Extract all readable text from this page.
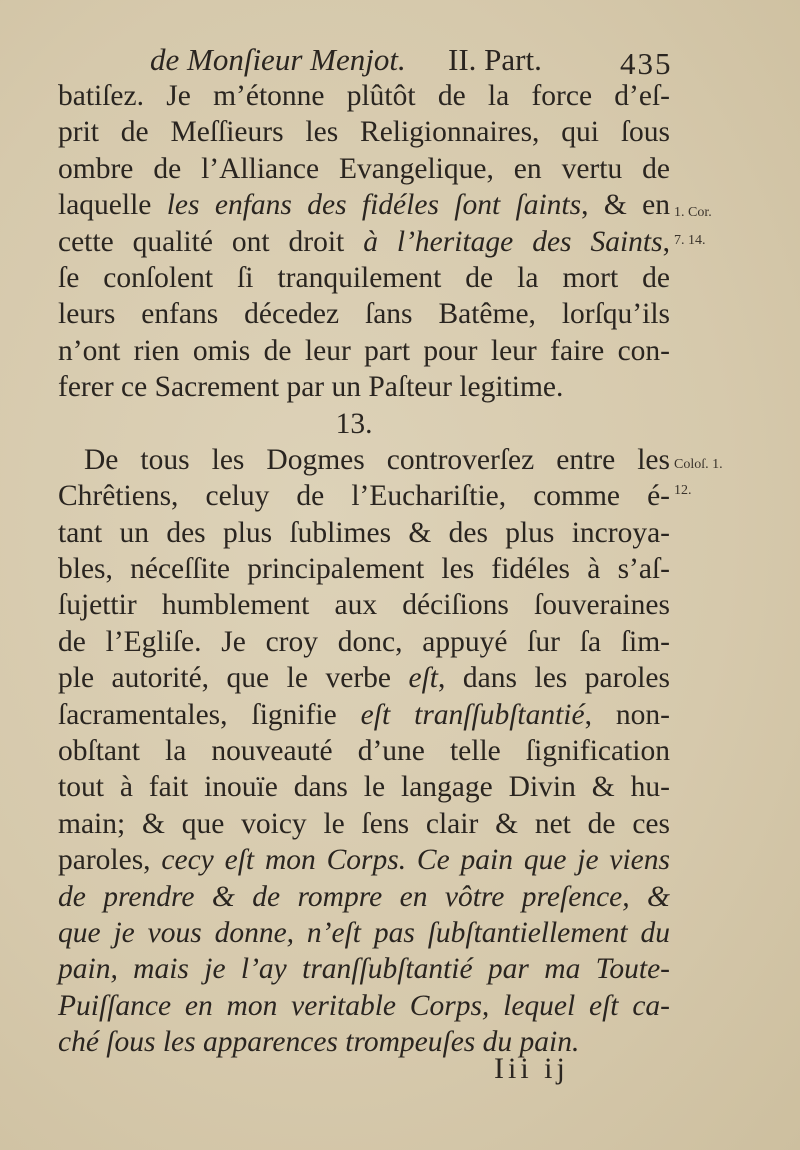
de Monſieur Menjot. II. Part.	435
batiſez. Je m’étonne plûtôt de la force d’eſ-
prit de Meſſieurs les Religionnaires, qui ſous
ombre de l’Alliance Evangelique, en vertu de
laquelle les enfans des fidéles ſont ſaints, & en
cette qualité ont droit à l’heritage des Saints,
ſe conſolent ſi tranquilement de la mort de
leurs enfans décedez ſans Batême, lorſqu’ils
n’ont rien omis de leur part pour leur faire con-
ferer ce Sacrement par un Paſteur legitime.
13.
De tous les Dogmes controverſez entre les
Chrêtiens, celuy de l’Euchariſtie, comme é-
tant un des plus ſublimes & des plus incroya-
bles, néceſſite principalement les fidéles à s’aſ-
ſujettir humblement aux déciſions ſouveraines
de l’Egliſe. Je croy donc, appuyé ſur ſa ſim-
ple autorité, que le verbe eſt, dans les paroles
ſacramentales, ſignifie eſt tranſſubſtantié, non-
obſtant la nouveauté d’une telle ſignification
tout à fait inouïe dans le langage Divin & hu-
main; & que voicy le ſens clair & net de ces
paroles, cecy eſt mon Corps. Ce pain que je viens
de prendre & de rompre en vôtre preſence, &
que je vous donne, n’eſt pas ſubſtantiellement du
pain, mais je l’ay tranſſubſtantié par ma Toute-
Puiſſance en mon veritable Corps, lequel eſt ca-
ché ſous les apparences trompeuſes du pain.
1. Cor.
7. 14.
Coloſ. 1.
12.
Iii ij
